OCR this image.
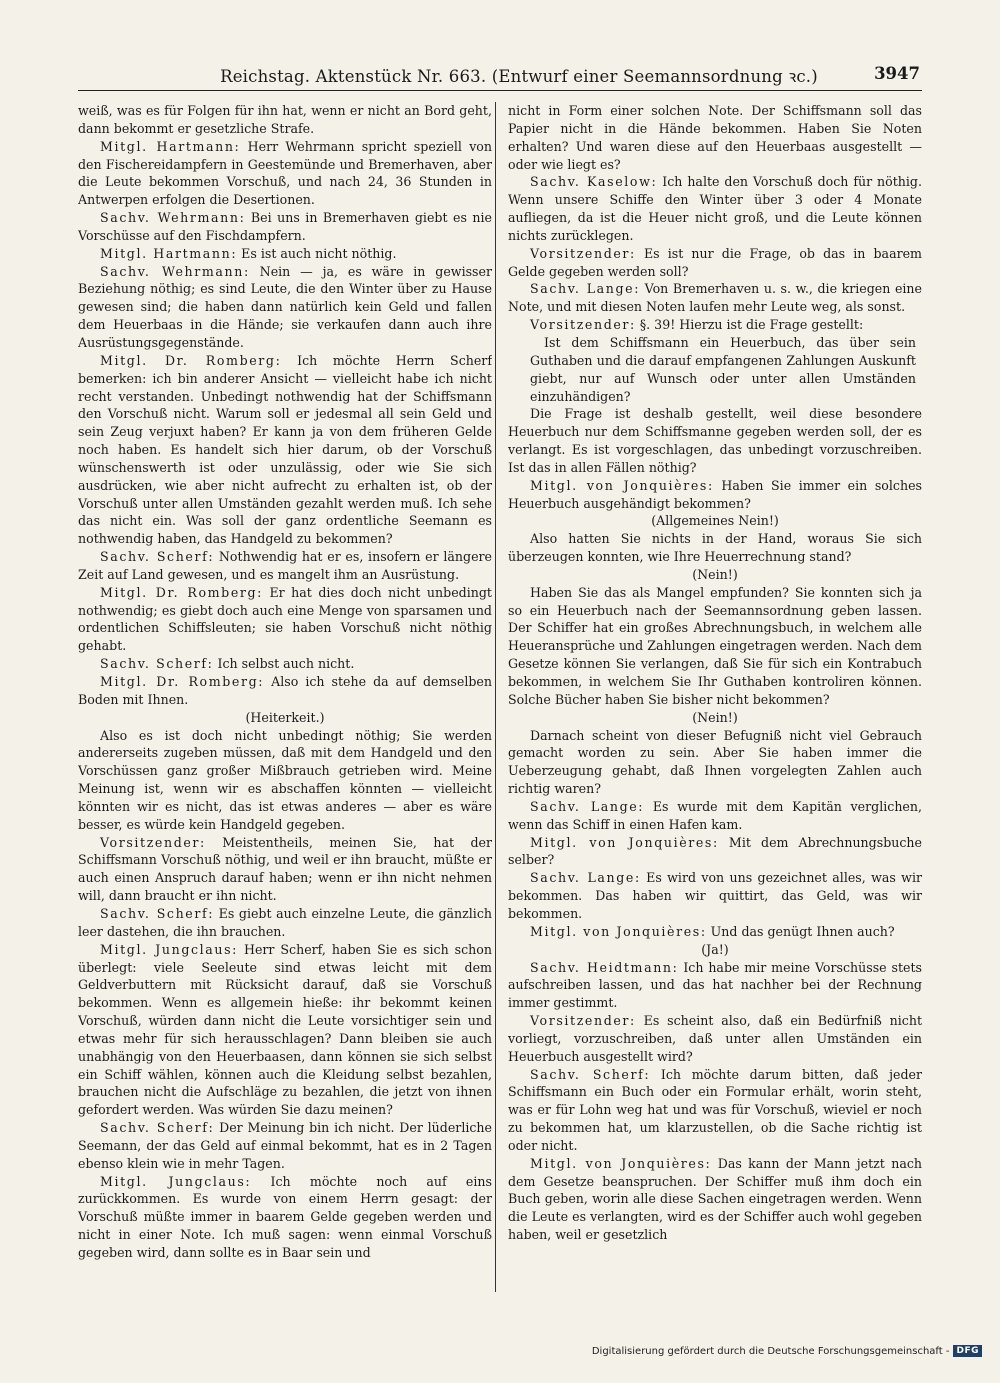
Reichstag. Aktenstück Nr. 663. (Entwurf einer Seemannsordnung ꝛc.)	3947

weiß, was es für Folgen für ihn hat, wenn er nicht an Bord geht, dann bekommt er gesetzliche Strafe.

Mitgl. Hartmann: Herr Wehrmann spricht speziell von den Fischereidampfern in Geestemünde und Bremerhaven, aber die Leute bekommen Vorschuß, und nach 24, 36 Stunden in Antwerpen erfolgen die Desertionen.

Sachv. Wehrmann: Bei uns in Bremerhaven giebt es nie Vorschüsse auf den Fischdampfern.

Mitgl. Hartmann: Es ist auch nicht nöthig.

Sachv. Wehrmann: Nein — ja, es wäre in gewisser Beziehung nöthig; es sind Leute, die den Winter über zu Hause gewesen sind; die haben dann natürlich kein Geld und fallen dem Heuerbaas in die Hände; sie verkaufen dann auch ihre Ausrüstungsgegenstände.

Mitgl. Dr. Romberg: Ich möchte Herrn Scherf bemerken: ich bin anderer Ansicht — vielleicht habe ich nicht recht verstanden. Unbedingt nothwendig hat der Schiffsmann den Vorschuß nicht. Warum soll er jedesmal all sein Geld und sein Zeug verjuxt haben? Er kann ja von dem früheren Gelde noch haben. Es handelt sich hier darum, ob der Vorschuß wünschenswerth ist oder unzulässig, oder wie Sie sich ausdrücken, wie aber nicht aufrecht zu erhalten ist, ob der Vorschuß unter allen Umständen gezahlt werden muß. Ich sehe das nicht ein. Was soll der ganz ordentliche Seemann es nothwendig haben, das Handgeld zu bekommen?

Sachv. Scherf: Nothwendig hat er es, insofern er längere Zeit auf Land gewesen, und es mangelt ihm an Ausrüstung.

Mitgl. Dr. Romberg: Er hat dies doch nicht unbedingt nothwendig; es giebt doch auch eine Menge von sparsamen und ordentlichen Schiffsleuten; sie haben Vorschuß nicht nöthig gehabt.

Sachv. Scherf: Ich selbst auch nicht.

Mitgl. Dr. Romberg: Also ich stehe da auf demselben Boden mit Ihnen.

(Heiterkeit.)

Also es ist doch nicht unbedingt nöthig; Sie werden andererseits zugeben müssen, daß mit dem Handgeld und den Vorschüssen ganz großer Mißbrauch getrieben wird. Meine Meinung ist, wenn wir es abschaffen könnten — vielleicht könnten wir es nicht, das ist etwas anderes — aber es wäre besser, es würde kein Handgeld gegeben.

Vorsitzender: Meistentheils, meinen Sie, hat der Schiffsmann Vorschuß nöthig, und weil er ihn braucht, müßte er auch einen Anspruch darauf haben; wenn er ihn nicht nehmen will, dann braucht er ihn nicht.

Sachv. Scherf: Es giebt auch einzelne Leute, die gänzlich leer dastehen, die ihn brauchen.

Mitgl. Jungclaus: Herr Scherf, haben Sie es sich schon überlegt: viele Seeleute sind etwas leicht mit dem Geldverbuttern mit Rücksicht darauf, daß sie Vorschuß bekommen. Wenn es allgemein hieße: ihr bekommt keinen Vorschuß, würden dann nicht die Leute vorsichtiger sein und etwas mehr für sich herausschlagen? Dann bleiben sie auch unabhängig von den Heuerbaasen, dann können sie sich selbst ein Schiff wählen, können auch die Kleidung selbst bezahlen, brauchen nicht die Aufschläge zu bezahlen, die jetzt von ihnen gefordert werden. Was würden Sie dazu meinen?

Sachv. Scherf: Der Meinung bin ich nicht. Der lüderliche Seemann, der das Geld auf einmal bekommt, hat es in 2 Tagen ebenso klein wie in mehr Tagen.

Mitgl. Jungclaus: Ich möchte noch auf eins zurückkommen. Es wurde von einem Herrn gesagt: der Vorschuß müßte immer in baarem Gelde gegeben werden und nicht in einer Note. Ich muß sagen: wenn einmal Vorschuß gegeben wird, dann sollte es in Baar sein und

nicht in Form einer solchen Note. Der Schiffsmann soll das Papier nicht in die Hände bekommen. Haben Sie Noten erhalten? Und waren diese auf den Heuerbaas ausgestellt — oder wie liegt es?

Sachv. Kaselow: Ich halte den Vorschuß doch für nöthig. Wenn unsere Schiffe den Winter über 3 oder 4 Monate aufliegen, da ist die Heuer nicht groß, und die Leute können nichts zurücklegen.

Vorsitzender: Es ist nur die Frage, ob das in baarem Gelde gegeben werden soll?

Sachv. Lange: Von Bremerhaven u. s. w., die kriegen eine Note, und mit diesen Noten laufen mehr Leute weg, als sonst.

Vorsitzender: §. 39! Hierzu ist die Frage gestellt:

Ist dem Schiffsmann ein Heuerbuch, das über sein Guthaben und die darauf empfangenen Zahlungen Auskunft giebt, nur auf Wunsch oder unter allen Umständen einzuhändigen?

Die Frage ist deshalb gestellt, weil diese besondere Heuerbuch nur dem Schiffsmanne gegeben werden soll, der es verlangt. Es ist vorgeschlagen, das unbedingt vorzuschreiben. Ist das in allen Fällen nöthig?

Mitgl. von Jonquières: Haben Sie immer ein solches Heuerbuch ausgehändigt bekommen?

(Allgemeines Nein!)

Also hatten Sie nichts in der Hand, woraus Sie sich überzeugen konnten, wie Ihre Heuerrechnung stand?

(Nein!)

Haben Sie das als Mangel empfunden? Sie konnten sich ja so ein Heuerbuch nach der Seemannsordnung geben lassen. Der Schiffer hat ein großes Abrechnungsbuch, in welchem alle Heueransprüche und Zahlungen eingetragen werden. Nach dem Gesetze können Sie verlangen, daß Sie für sich ein Kontrabuch bekommen, in welchem Sie Ihr Guthaben kontroliren können. Solche Bücher haben Sie bisher nicht bekommen?

(Nein!)

Darnach scheint von dieser Befugniß nicht viel Gebrauch gemacht worden zu sein. Aber Sie haben immer die Ueberzeugung gehabt, daß Ihnen vorgelegten Zahlen auch richtig waren?

Sachv. Lange: Es wurde mit dem Kapitän verglichen, wenn das Schiff in einen Hafen kam.

Mitgl. von Jonquières: Mit dem Abrechnungsbuche selber?

Sachv. Lange: Es wird von uns gezeichnet alles, was wir bekommen. Das haben wir quittirt, das Geld, was wir bekommen.

Mitgl. von Jonquières: Und das genügt Ihnen auch?

(Ja!)

Sachv. Heidtmann: Ich habe mir meine Vorschüsse stets aufschreiben lassen, und das hat nachher bei der Rechnung immer gestimmt.

Vorsitzender: Es scheint also, daß ein Bedürfniß nicht vorliegt, vorzuschreiben, daß unter allen Umständen ein Heuerbuch ausgestellt wird?

Sachv. Scherf: Ich möchte darum bitten, daß jeder Schiffsmann ein Buch oder ein Formular erhält, worin steht, was er für Lohn weg hat und was für Vorschuß, wieviel er noch zu bekommen hat, um klarzustellen, ob die Sache richtig ist oder nicht.

Mitgl. von Jonquières: Das kann der Mann jetzt nach dem Gesetze beanspruchen. Der Schiffer muß ihm doch ein Buch geben, worin alle diese Sachen eingetragen werden. Wenn die Leute es verlangten, wird es der Schiffer auch wohl gegeben haben, weil er gesetzlich

Digitalisierung gefördert durch die Deutsche Forschungsgemeinschaft - DFG
